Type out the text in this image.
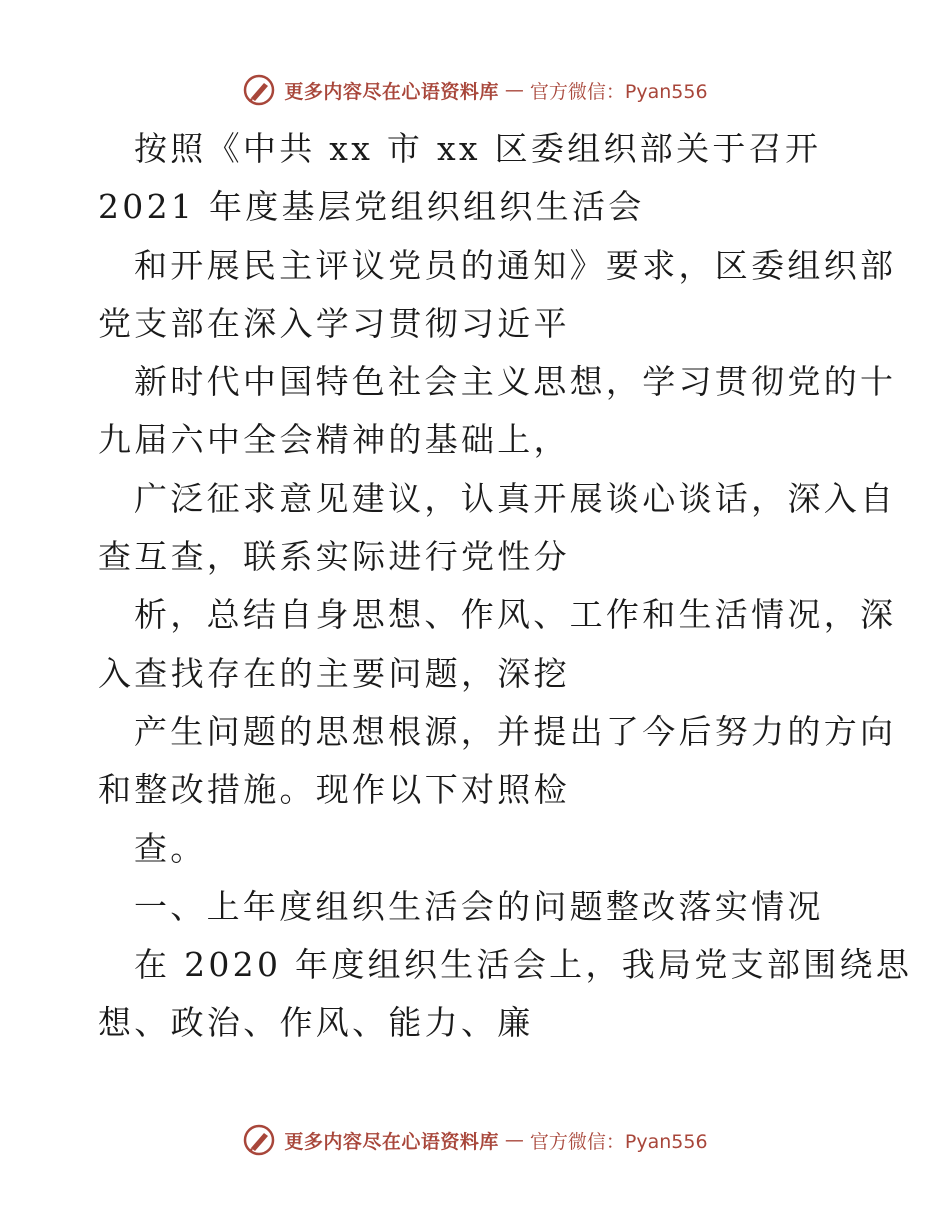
更多内容尽在心语资料库 — 官方微信：Pyan556
按照《中共 xx 市 xx 区委组织部关于召开
2021 年度基层党组织组织生活会
和开展民主评议党员的通知》要求，区委组织部
党支部在深入学习贯彻习近平
新时代中国特色社会主义思想，学习贯彻党的十
九届六中全会精神的基础上，
广泛征求意见建议，认真开展谈心谈话，深入自
查互查，联系实际进行党性分
析，总结自身思想、作风、工作和生活情况，深
入查找存在的主要问题，深挖
产生问题的思想根源，并提出了今后努力的方向
和整改措施。现作以下对照检
查。
一、上年度组织生活会的问题整改落实情况
在 2020 年度组织生活会上，我局党支部围绕思
想、政治、作风、能力、廉
更多内容尽在心语资料库 — 官方微信：Pyan556
